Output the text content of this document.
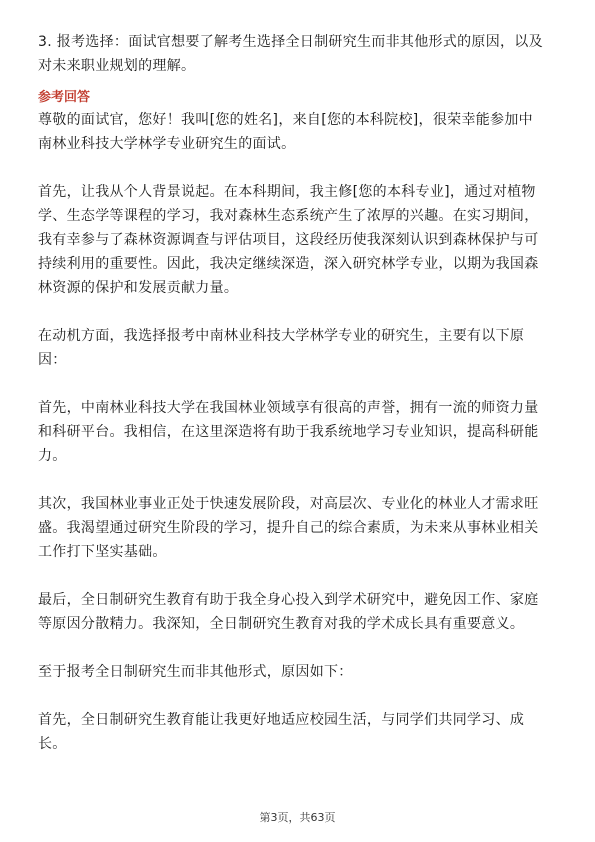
3. 报考选择：面试官想要了解考生选择全日制研究生而非其他形式的原因，以及对未来职业规划的理解。

参考回答

尊敬的面试官，您好！我叫[您的姓名]，来自[您的本科院校]，很荣幸能参加中南林业科技大学林学专业研究生的面试。

首先，让我从个人背景说起。在本科期间，我主修[您的本科专业]，通过对植物学、生态学等课程的学习，我对森林生态系统产生了浓厚的兴趣。在实习期间，我有幸参与了森林资源调查与评估项目，这段经历使我深刻认识到森林保护与可持续利用的重要性。因此，我决定继续深造，深入研究林学专业，以期为我国森林资源的保护和发展贡献力量。

在动机方面，我选择报考中南林业科技大学林学专业的研究生，主要有以下原因：

首先，中南林业科技大学在我国林业领域享有很高的声誉，拥有一流的师资力量和科研平台。我相信，在这里深造将有助于我系统地学习专业知识，提高科研能力。

其次，我国林业事业正处于快速发展阶段，对高层次、专业化的林业人才需求旺盛。我渴望通过研究生阶段的学习，提升自己的综合素质，为未来从事林业相关工作打下坚实基础。

最后，全日制研究生教育有助于我全身心投入到学术研究中，避免因工作、家庭等原因分散精力。我深知，全日制研究生教育对我的学术成长具有重要意义。

至于报考全日制研究生而非其他形式，原因如下：

首先，全日制研究生教育能让我更好地适应校园生活，与同学们共同学习、成长。

第3页，共63页
